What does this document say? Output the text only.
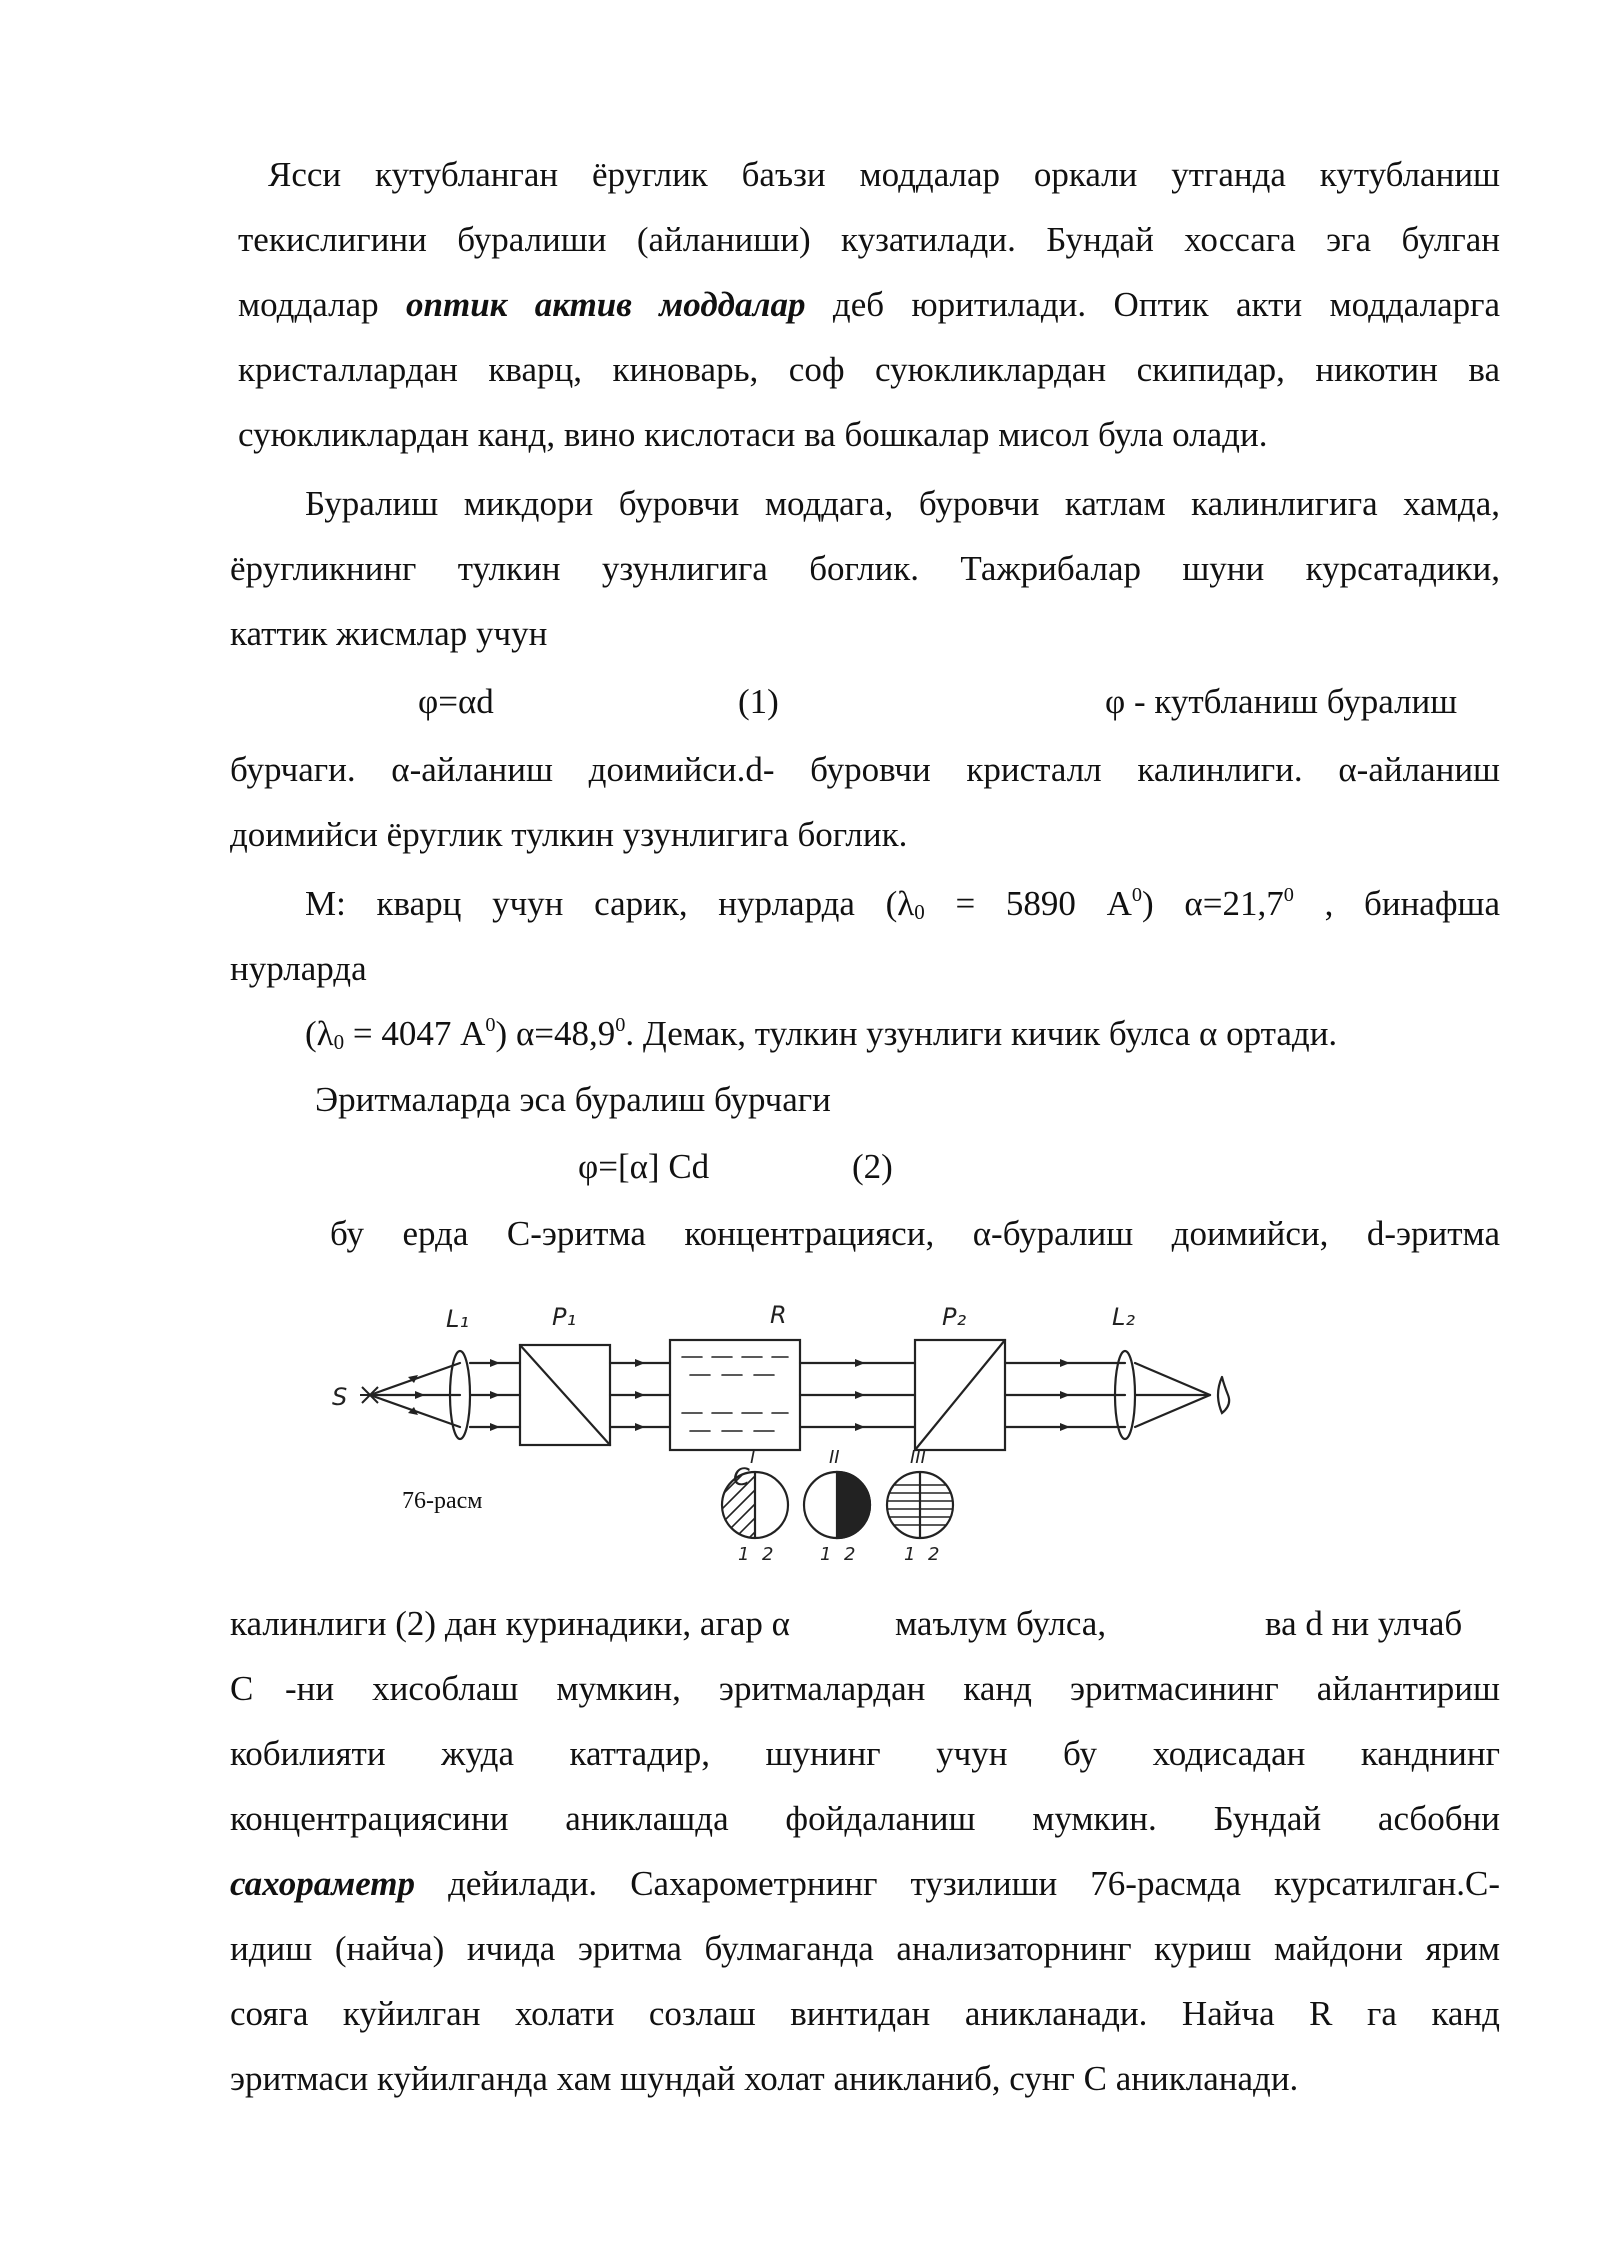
Ясси кутубланган ёруглик баъзи моддалар оркали утганда кутубланиш
текислигини буралиши (айланиши) кузатилади. Бундай хоссага эга булган
моддалар оптик актив моддалар деб юритилади. Оптик акти моддаларга
кристаллардан кварц, киноварь, соф суюкликлардан скипидар, никотин ва
суюкликлардан канд, вино кислотаси ва бошкалар мисол була олади.
Буралиш микдори буровчи моддага, буровчи катлам калинлигига хамда,
ёругликнинг тулкин узунлигига боглик. Тажрибалар шуни курсатадики,
каттик жисмлар учун
φ=αd	(1)	φ - кутбланиш буралиш
бурчаги. α-айланиш доимийси.d- буровчи кристалл калинлиги. α-айланиш
доимийси ёруглик тулкин узунлигига боглик.
М: кварц учун сарик, нурларда ($\lambda_0 = 5890$ $А^0$) $\alpha=21,7^0$ , бинафша
нурларда
($\lambda_0 = 4047$ $А^0$) $\alpha=48,9^0$. Демак, тулкин узунлиги кичик булса α ортади.
Эритмаларда эса буралиш бурчаги
φ=[α] Cd	(2)
бу ерда С-эритма концентрацияси, α-буралиш доимийси, d-эритма
S
L₁	P₁	R
C
P₂	L₂
I	II	III
1 2	1 2	1 2
76-расм
калинлиги (2) дан куринадики, агар α	маълум булса,	ва d ни улчаб
С -ни хисоблаш мумкин, эритмалардан канд эритмасининг айлантириш
кобилияти жуда каттадир, шунинг учун бу ходисадан канднинг
концентрациясини аниклашда фойдаланиш мумкин. Бундай асбобни
сахораметр дейилади. Сахарометрнинг тузилиши 76-расмда курсатилган.С-
идиш (найча) ичида эритма булмаганда анализаторнинг куриш майдони ярим
сояга куйилган холати созлаш винтидан аникланади. Найча R га канд
эритмаси куйилганда хам шундай холат аникланиб, сунг С аникланади.
